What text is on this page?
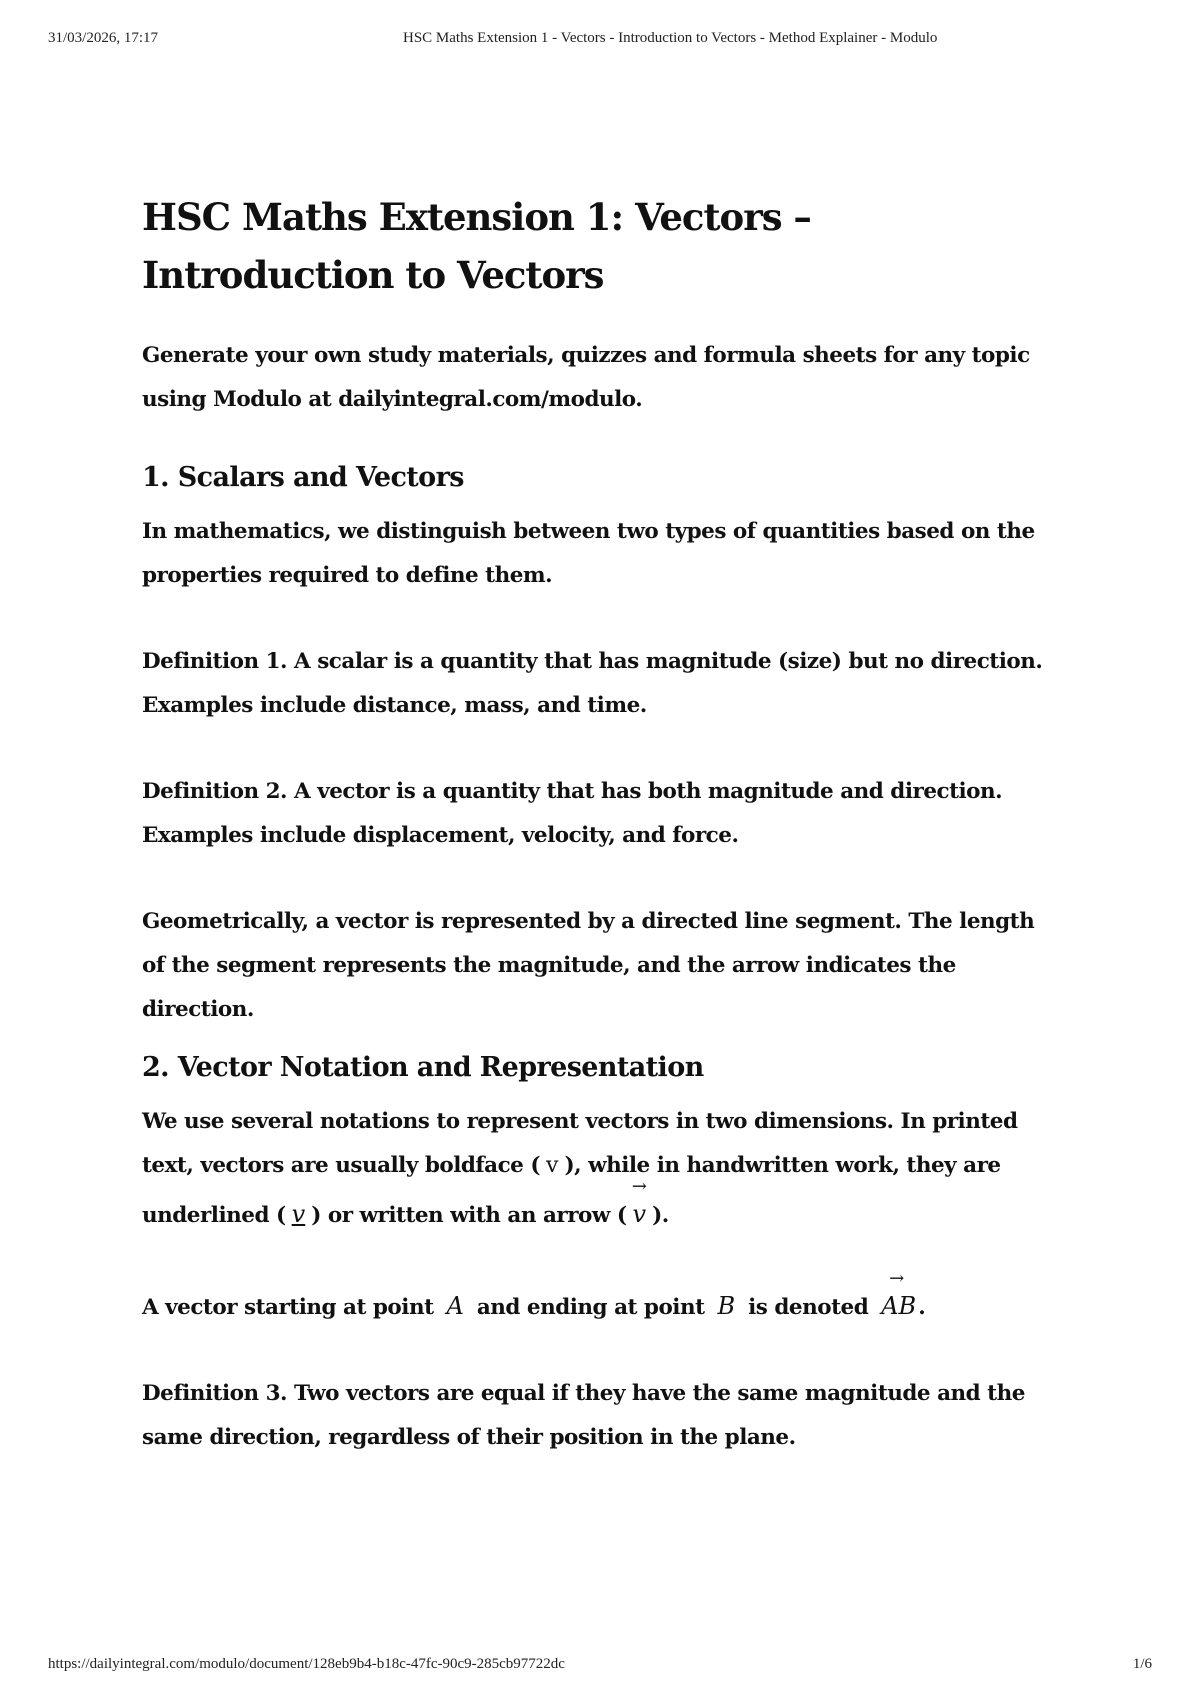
31/03/2026, 17:17	HSC Maths Extension 1 - Vectors - Introduction to Vectors - Method Explainer - Modulo
HSC Maths Extension 1: Vectors – Introduction to Vectors

Generate your own study materials, quizzes and formula sheets for any topic using Modulo at dailyintegral.com/modulo.

1. Scalars and Vectors

In mathematics, we distinguish between two types of quantities based on the properties required to define them.

Definition 1. A scalar is a quantity that has magnitude (size) but no direction. Examples include distance, mass, and time.

Definition 2. A vector is a quantity that has both magnitude and direction. Examples include displacement, velocity, and force.

Geometrically, a vector is represented by a directed line segment. The length of the segment represents the magnitude, and the arrow indicates the direction.

2. Vector Notation and Representation

We use several notations to represent vectors in two dimensions. In printed text, vectors are usually boldface ( v ), while in handwritten work, they are underlined ( v ) or written with an arrow (
→
v ).

A vector starting at point A and ending at point B is denoted
→
AB.

Definition 3. Two vectors are equal if they have the same magnitude and the same direction, regardless of their position in the plane.

https://dailyintegral.com/modulo/document/128eb9b4-b18c-47fc-90c9-285cb97722dc	1/6
